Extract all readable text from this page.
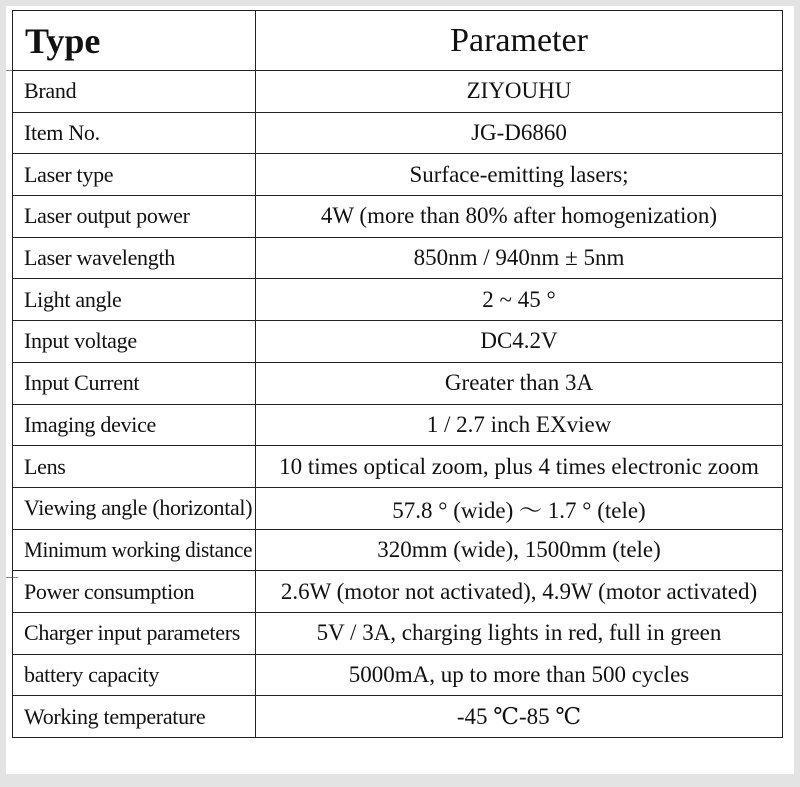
Type	Parameter
Brand	ZIYOUHU
Item No.	JG-D6860
Laser type	Surface-emitting lasers;
Laser output power	4W (more than 80% after homogenization)
Laser wavelength	850nm / 940nm ± 5nm
Light angle	2 ~ 45 °
Input voltage	DC4.2V
Input Current	Greater than 3A
Imaging device	1 / 2.7 inch EXview
Lens	10 times optical zoom, plus 4 times electronic zoom
Viewing angle (horizontal)	57.8 ° (wide) ～ 1.7 ° (tele)
Minimum working distance	320mm (wide), 1500mm (tele)
Power consumption	2.6W (motor not activated), 4.9W (motor activated)
Charger input parameters	5V / 3A, charging lights in red, full in green
battery capacity	5000mA, up to more than 500 cycles
Working temperature	-45 ℃-85 ℃
